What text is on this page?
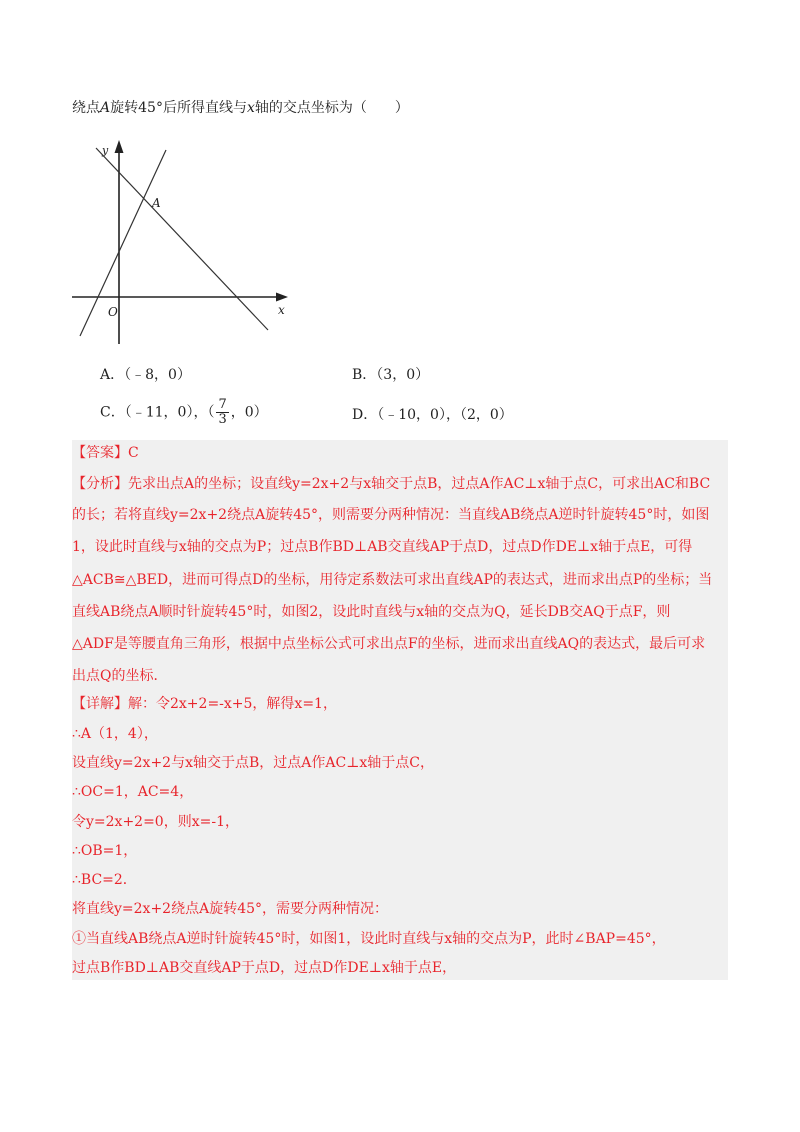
绕点A旋转45°后所得直线与x轴的交点坐标为（　　）
y
x
A
O
A．（﹣8，0）	B．（3，0）
C．（﹣11，0），（ $\frac{7}{3}$ ，0）	D．（﹣10，0），（2，0）
【答案】C
【分析】先求出点A的坐标；设直线y=2x+2与x轴交于点B，过点A作AC⊥x轴于点C，可求出AC和BC
的长；若将直线y=2x+2绕点A旋转45°，则需要分两种情况：当直线AB绕点A逆时针旋转45°时，如图
1，设此时直线与x轴的交点为P；过点B作BD⊥AB交直线AP于点D，过点D作DE⊥x轴于点E，可得
△ACB≅△BED，进而可得点D的坐标，用待定系数法可求出直线AP的表达式，进而求出点P的坐标；当
直线AB绕点A顺时针旋转45°时，如图2，设此时直线与x轴的交点为Q，延长DB交AQ于点F，则
△ADF是等腰直角三角形，根据中点坐标公式可求出点F的坐标，进而求出直线AQ的表达式，最后可求
出点Q的坐标．
【详解】解：令2x+2=-x+5，解得x=1，
∴A（1，4），
设直线y=2x+2与x轴交于点B，过点A作AC⊥x轴于点C，
∴OC=1，AC=4，
令y=2x+2=0，则x=-1，
∴OB=1，
∴BC=2．
将直线y=2x+2绕点A旋转45°，需要分两种情况：
①当直线AB绕点A逆时针旋转45°时，如图1，设此时直线与x轴的交点为P，此时∠BAP=45°，
过点B作BD⊥AB交直线AP于点D，过点D作DE⊥x轴于点E，
